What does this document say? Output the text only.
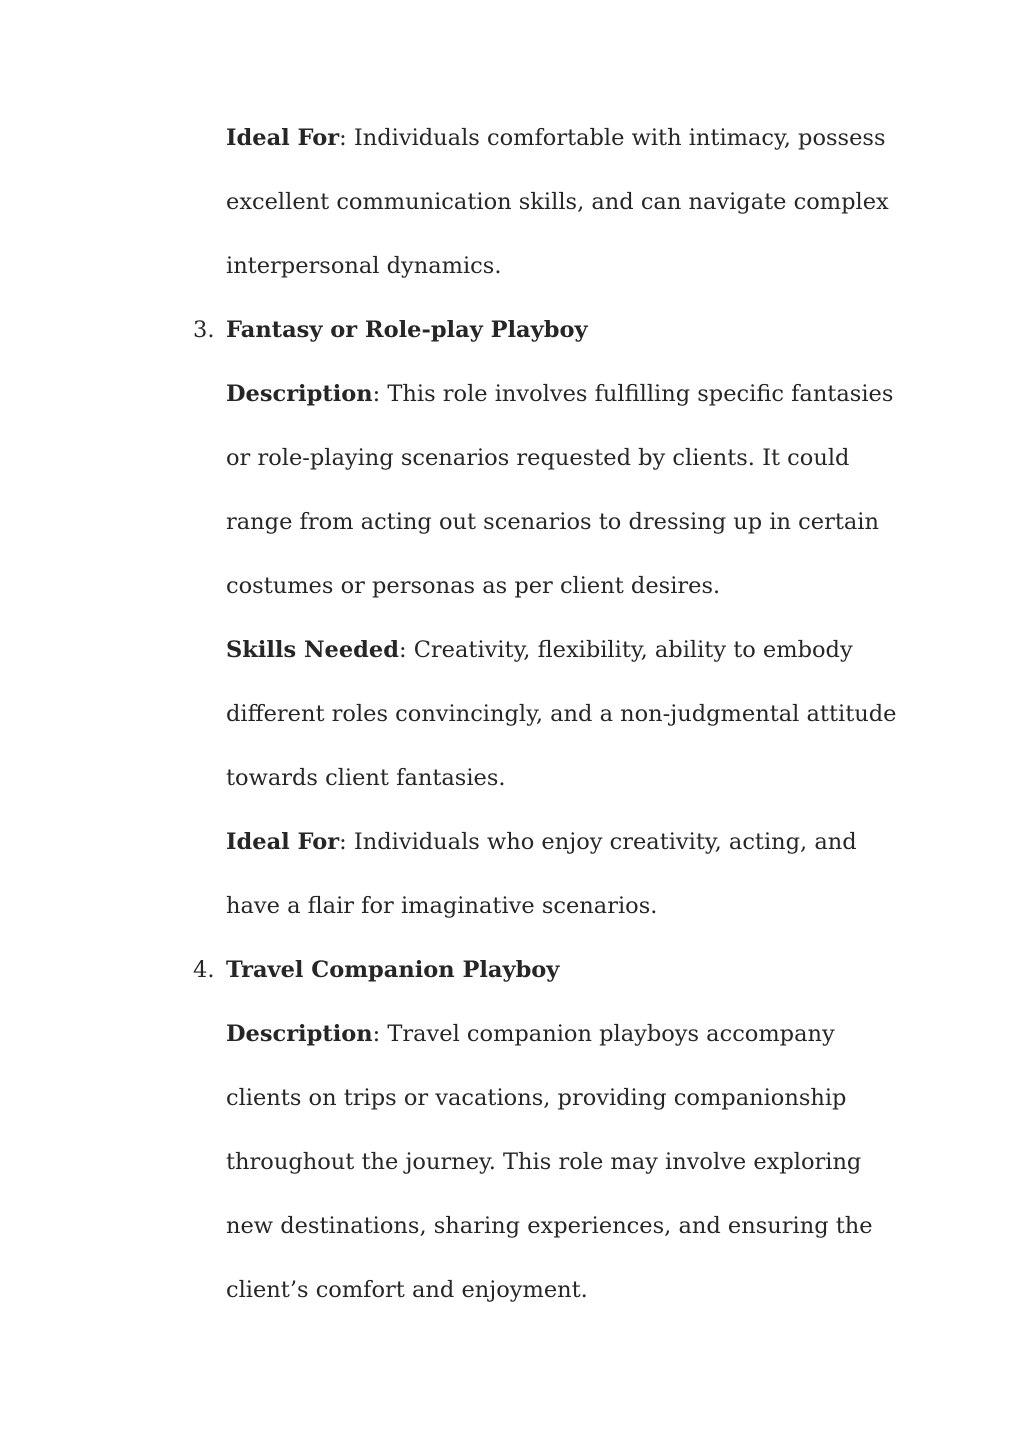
Ideal For: Individuals comfortable with intimacy, possess
excellent communication skills, and can navigate complex
interpersonal dynamics.
3. Fantasy or Role-play Playboy
Description: This role involves fulfilling specific fantasies
or role-playing scenarios requested by clients. It could
range from acting out scenarios to dressing up in certain
costumes or personas as per client desires.
Skills Needed: Creativity, flexibility, ability to embody
different roles convincingly, and a non-judgmental attitude
towards client fantasies.
Ideal For: Individuals who enjoy creativity, acting, and
have a flair for imaginative scenarios.
4. Travel Companion Playboy
Description: Travel companion playboys accompany
clients on trips or vacations, providing companionship
throughout the journey. This role may involve exploring
new destinations, sharing experiences, and ensuring the
client’s comfort and enjoyment.
